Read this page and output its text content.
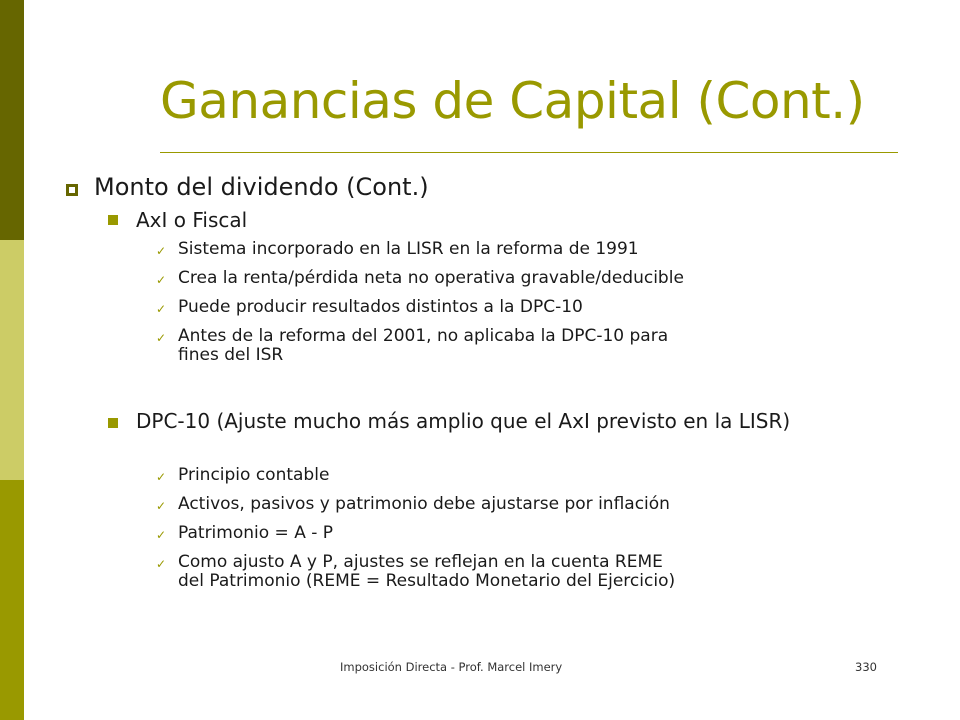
Ganancias de Capital (Cont.)
Monto del dividendo (Cont.)
AxI o Fiscal
✓ Sistema incorporado en la LISR en la reforma de 1991
✓ Crea la renta/pérdida neta no operativa gravable/deducible
✓ Puede producir resultados distintos a la DPC-10
✓ Antes de la reforma del 2001, no aplicaba la DPC-10 para
fines del ISR
DPC-10 (Ajuste mucho más amplio que el AxI previsto en la LISR)
✓ Principio contable
✓ Activos, pasivos y patrimonio debe ajustarse por inflación
✓ Patrimonio = A - P
✓ Como ajusto A y P, ajustes se reflejan en la cuenta REME
del Patrimonio (REME = Resultado Monetario del Ejercicio)
Imposición Directa - Prof. Marcel Imery	330
